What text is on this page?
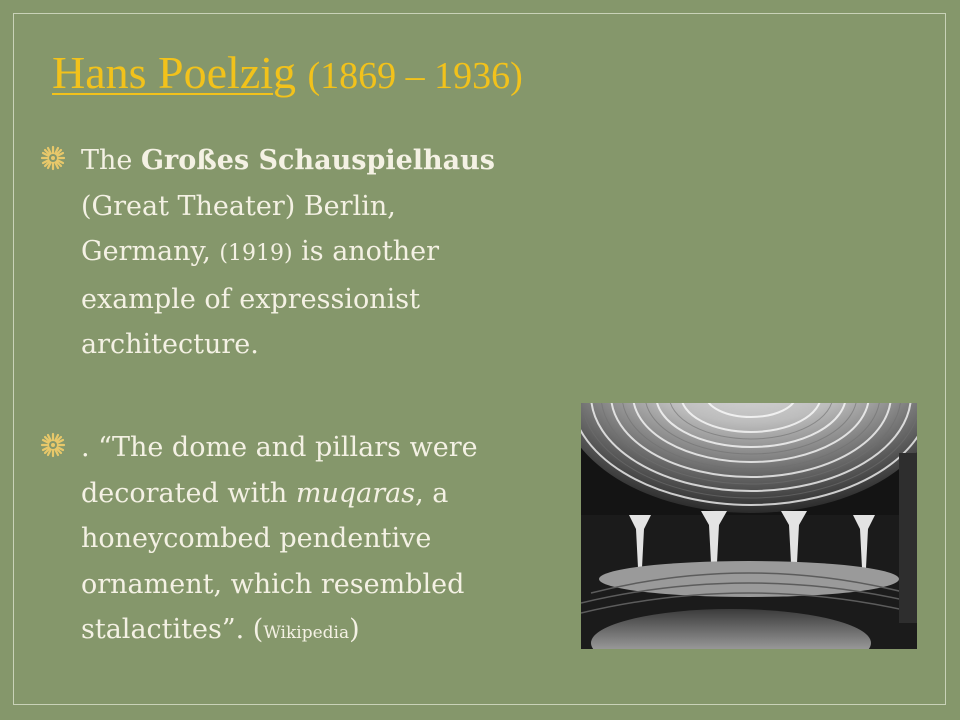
Hans Poelzig (1869 – 1936)
The Großes Schauspielhaus (Great Theater) Berlin, Germany, (1919) is another example of expressionist architecture.
. “The dome and pillars were decorated with muqaras, a honeycombed pendentive ornament, which resembled stalactites”. (Wikipedia)
